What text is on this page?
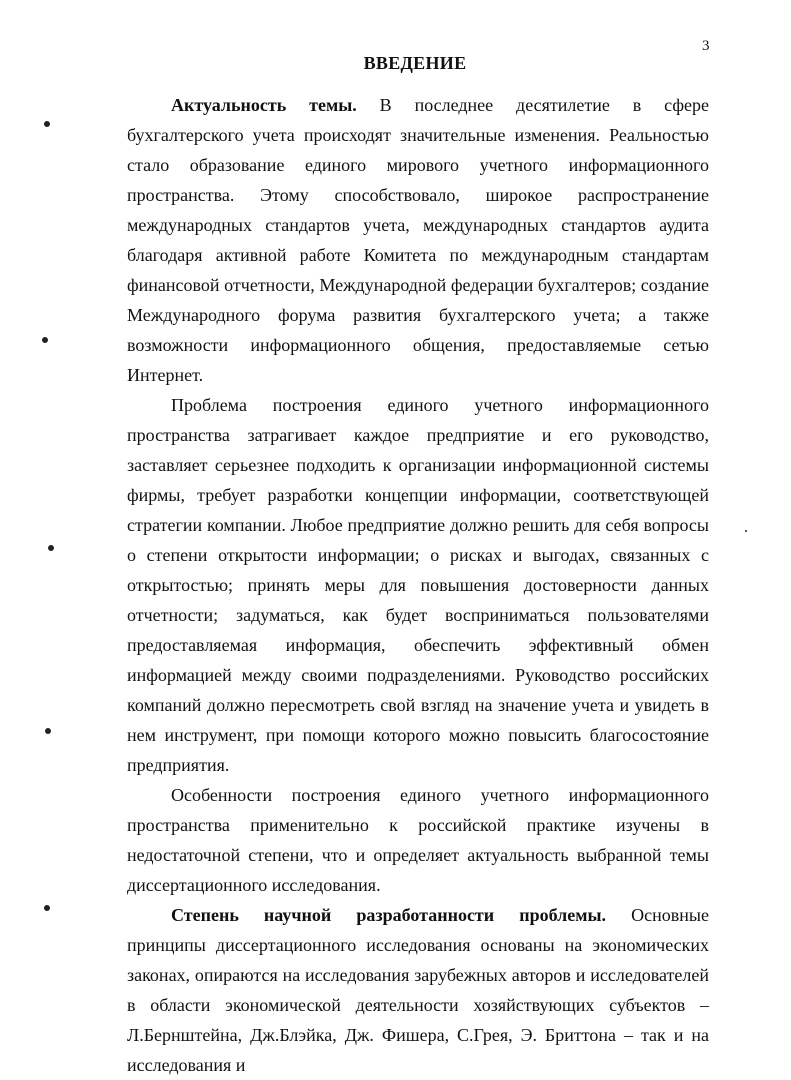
3
ВВЕДЕНИЕ

Актуальность темы. В последнее десятилетие в сфере бухгалтерского учета происходят значительные изменения. Реальностью стало образование единого мирового учетного информационного пространства. Этому способствовало, широкое распространение международных стандартов учета, международных стандартов аудита благодаря активной работе Комитета по международным стандартам финансовой отчетности, Международной федерации бухгалтеров; создание Международного форума развития бухгалтерского учета; а также возможности информационного общения, предоставляемые сетью Интернет.

Проблема построения единого учетного информационного пространства затрагивает каждое предприятие и его руководство, заставляет серьезнее подходить к организации информационной системы фирмы, требует разработки концепции информации, соответствующей стратегии компании. Любое предприятие должно решить для себя вопросы о степени открытости информации; о рисках и выгодах, связанных с открытостью; принять меры для повышения достоверности данных отчетности; задуматься, как будет восприниматься пользователями предоставляемая информация, обеспечить эффективный обмен информацией между своими подразделениями. Руководство российских компаний должно пересмотреть свой взгляд на значение учета и увидеть в нем инструмент, при помощи которого можно повысить благосостояние предприятия.

Особенности построения единого учетного информационного пространства применительно к российской практике изучены в недостаточной степени, что и определяет актуальность выбранной темы диссертационного исследования.

Степень научной разработанности проблемы. Основные принципы диссертационного исследования основаны на экономических законах, опираются на исследования зарубежных авторов и исследователей в области экономической деятельности хозяйствующих субъектов – Л.Бернштейна, Дж.Блэйка, Дж. Фишера, С.Грея, Э. Бриттона – так и на исследования и
